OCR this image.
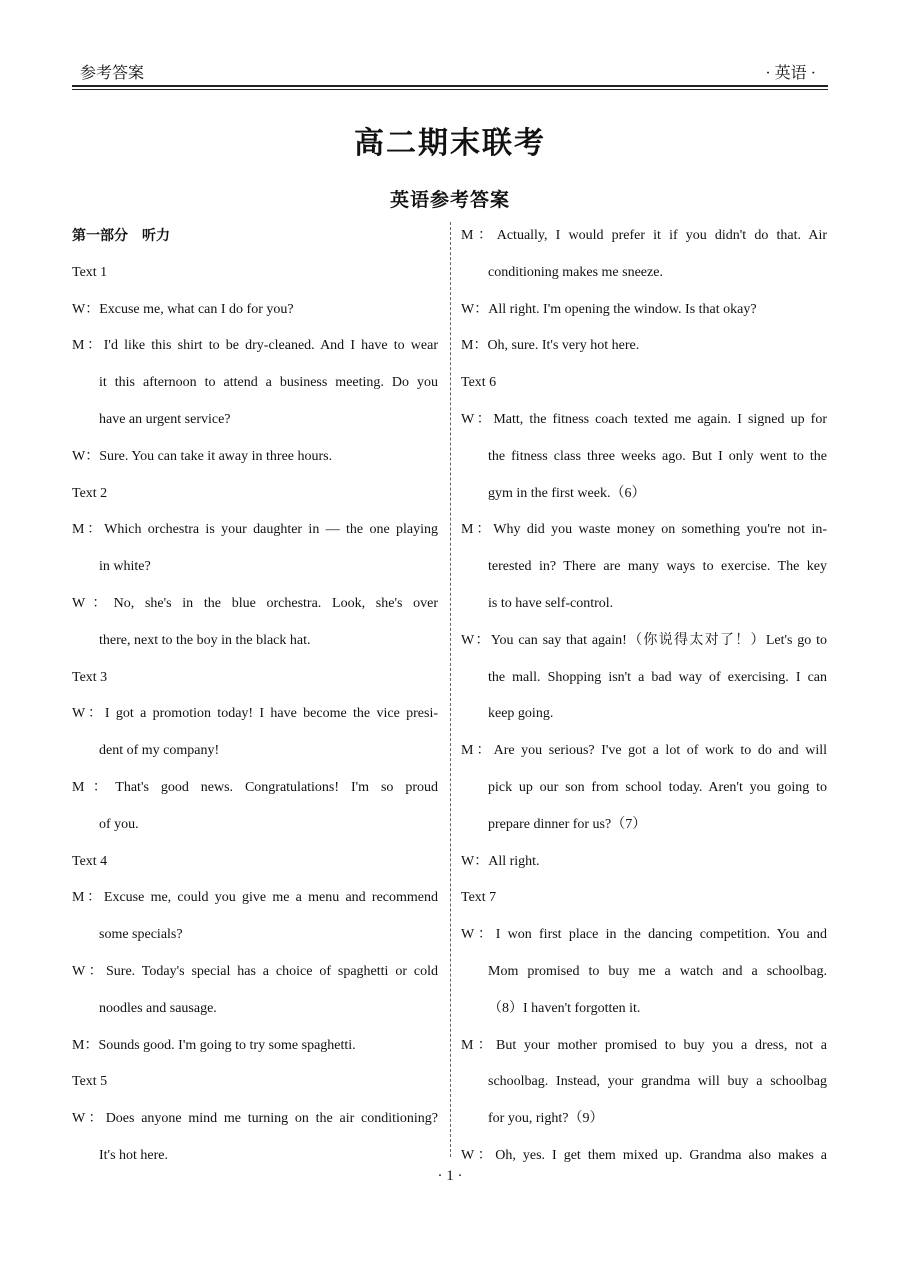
参考答案	· 英语 ·
高二期末联考
英语参考答案
第一部分　听力
Text 1
W：Excuse me, what can I do for you?
M：I'd like this shirt to be dry-cleaned. And I have to wear
it this afternoon to attend a business meeting. Do you
have an urgent service?
W：Sure. You can take it away in three hours.
Text 2
M：Which orchestra is your daughter in — the one playing
in white?
W：No, she's in the blue orchestra. Look, she's over
there, next to the boy in the black hat.
Text 3
W：I got a promotion today! I have become the vice presi-
dent of my company!
M：That's good news. Congratulations! I'm so proud
of you.
Text 4
M：Excuse me, could you give me a menu and recommend
some specials?
W：Sure. Today's special has a choice of spaghetti or cold
noodles and sausage.
M：Sounds good. I'm going to try some spaghetti.
Text 5
W：Does anyone mind me turning on the air conditioning?
It's hot here.
M：Actually, I would prefer it if you didn't do that. Air
conditioning makes me sneeze.
W：All right. I'm opening the window. Is that okay?
M：Oh, sure. It's very hot here.
Text 6
W：Matt, the fitness coach texted me again. I signed up for
the fitness class three weeks ago. But I only went to the
gym in the first week.（6）
M：Why did you waste money on something you're not in-
terested in? There are many ways to exercise. The key
is to have self-control.
W：You can say that again!（你说得太对了！）Let's go to
the mall. Shopping isn't a bad way of exercising. I can
keep going.
M：Are you serious? I've got a lot of work to do and will
pick up our son from school today. Aren't you going to
prepare dinner for us?（7）
W：All right.
Text 7
W：I won first place in the dancing competition. You and
Mom promised to buy me a watch and a schoolbag.
（8）I haven't forgotten it.
M：But your mother promised to buy you a dress, not a
schoolbag. Instead, your grandma will buy a schoolbag
for you, right?（9）
W：Oh, yes. I get them mixed up. Grandma also makes a
· 1 ·
